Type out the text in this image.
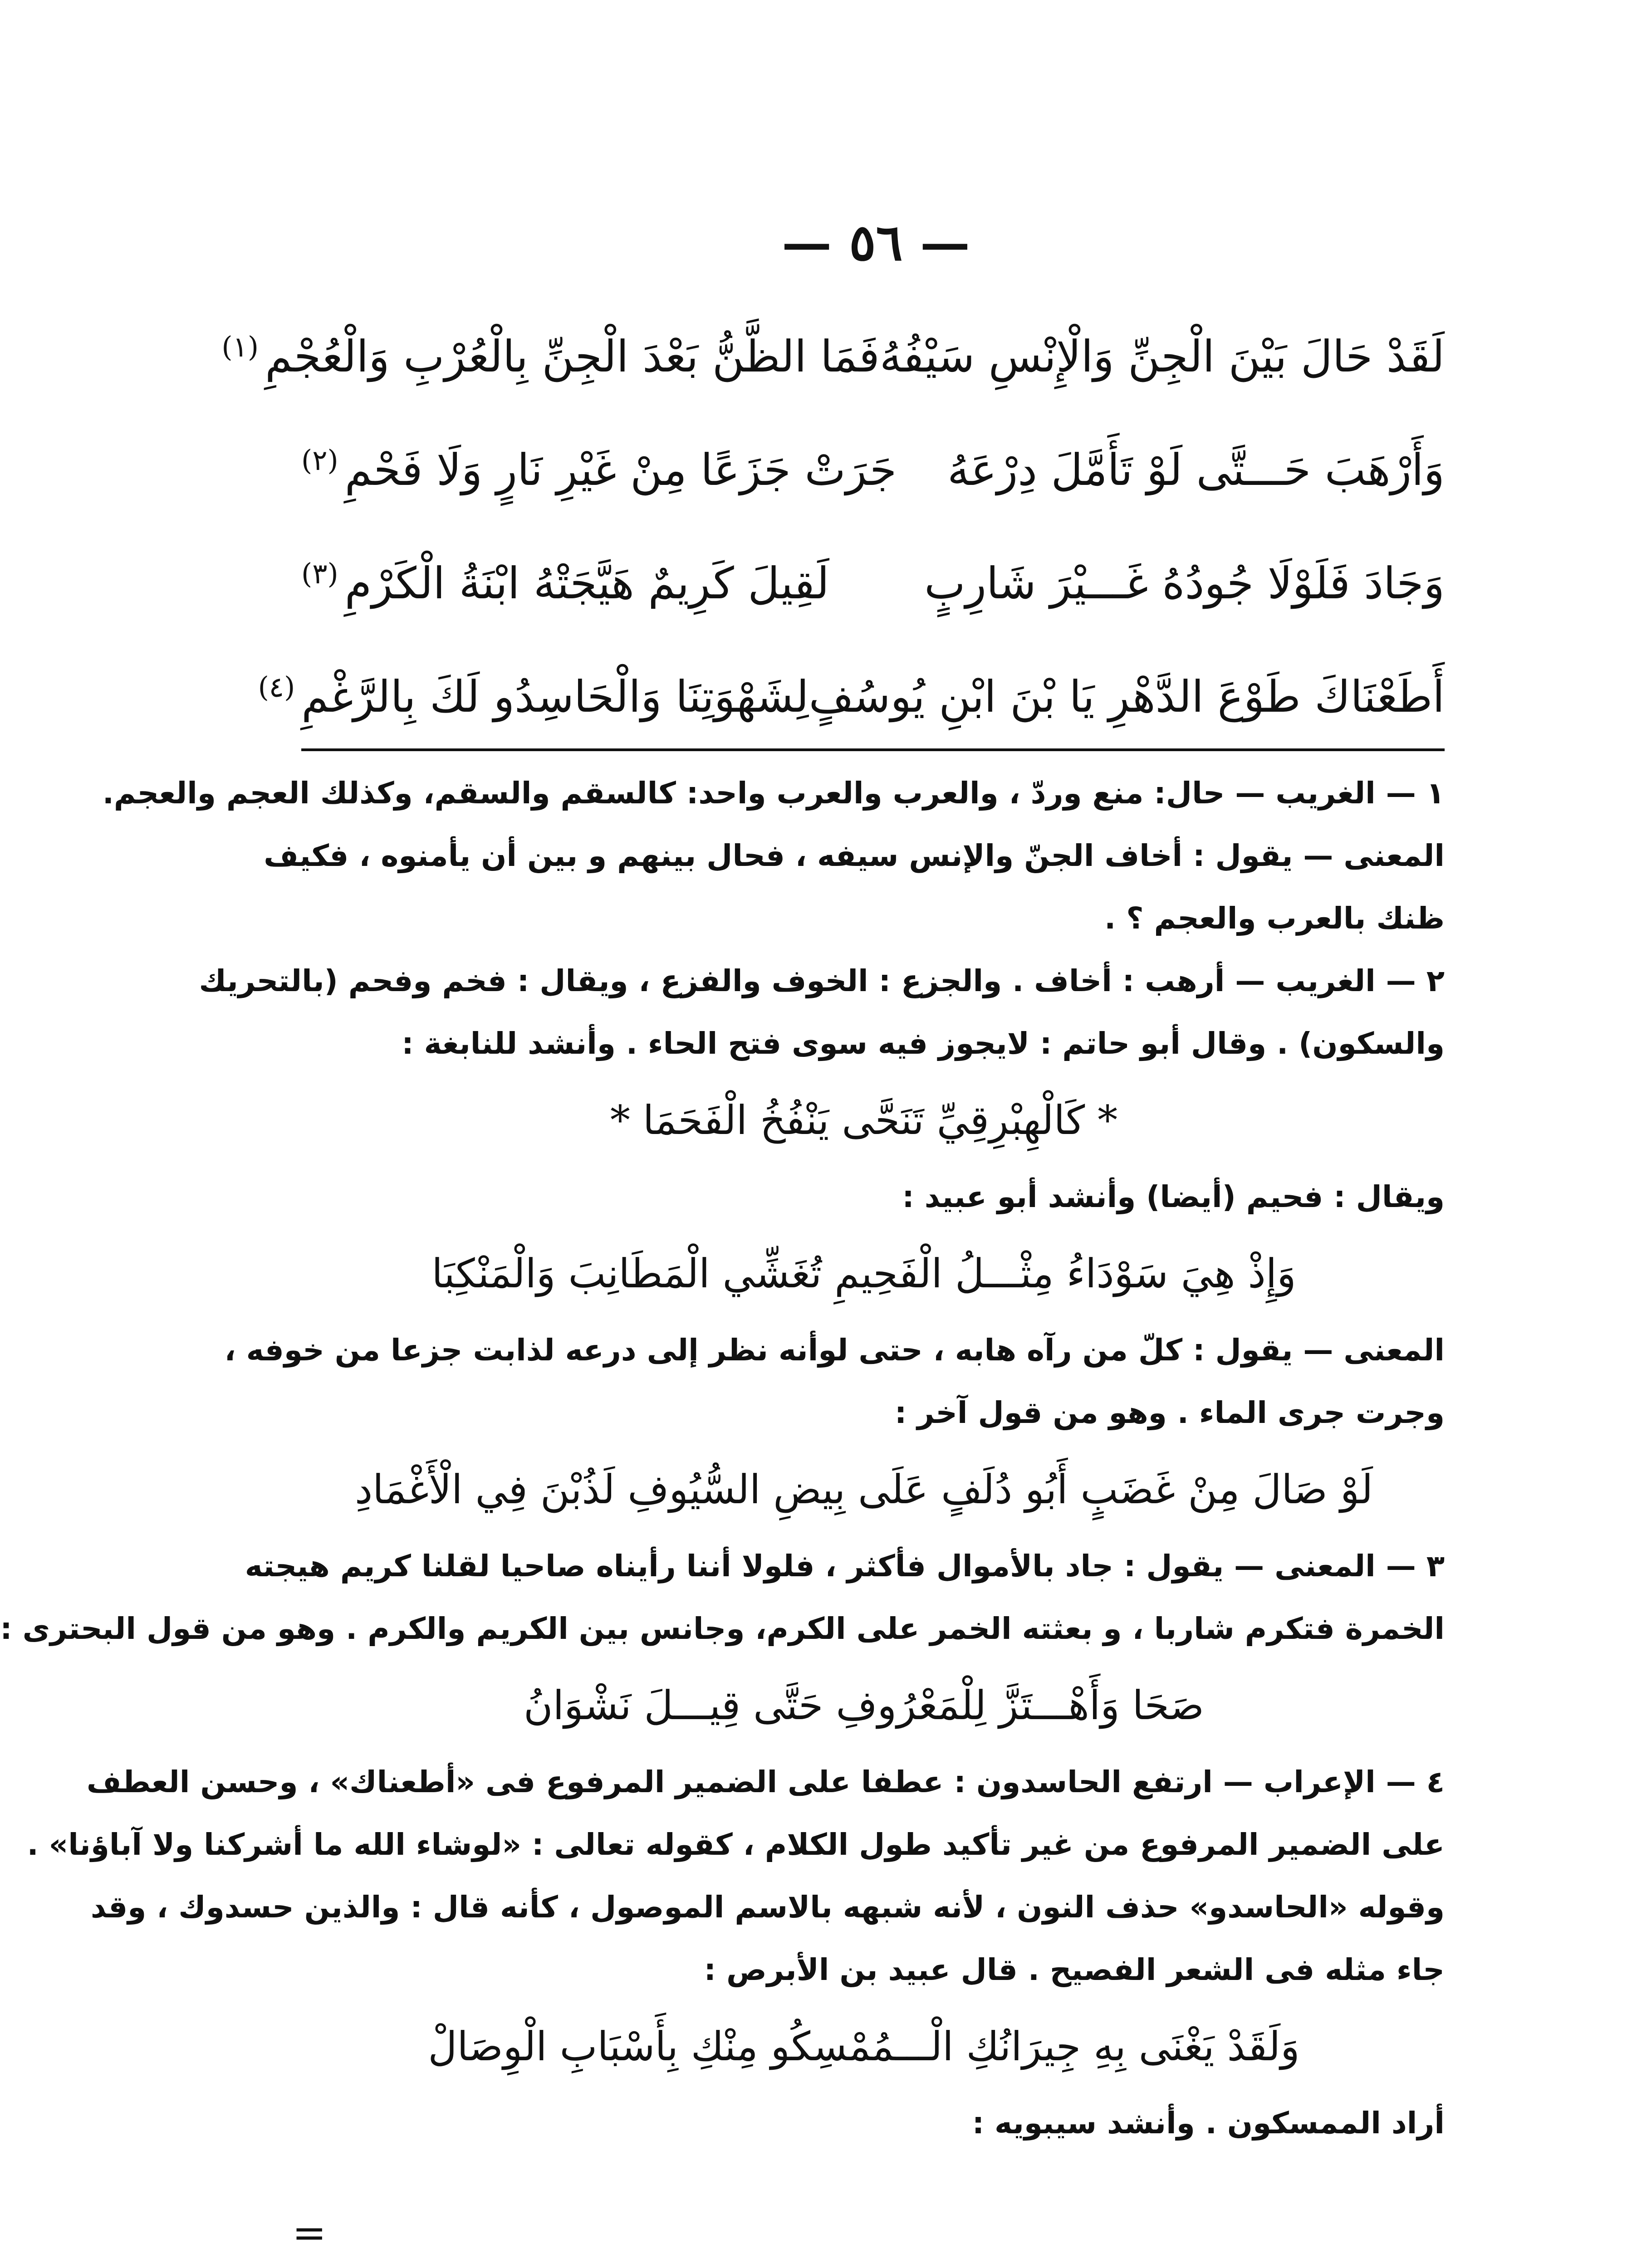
— ٥٦ —
لَقَدْ حَالَ بَيْنَ الْجِنِّ وَالْإِنْسِ سَيْفُهُ
فَمَا الظَّنُّ بَعْدَ الْجِنِّ بِالْعُرْبِ وَالْعُجْمِ$^{(١)}$
وَأَرْهَبَ حَـــتَّى لَوْ تَأَمَّلَ دِرْعَهُ
جَرَتْ جَزَعًا مِنْ غَيْرِ نَارٍ وَلَا فَحْمِ$^{(٢)}$
وَجَادَ فَلَوْلَا جُودُهُ غَـــيْرَ شَارِبٍ
لَقِيلَ كَرِيمٌ هَيَّجَتْهُ ابْنَةُ الْكَرْمِ$^{(٣)}$
أَطَعْنَاكَ طَوْعَ الدَّهْرِ يَا بْنَ ابْنِ يُوسُفٍ
لِشَهْوَتِنَا وَالْحَاسِدُو لَكَ بِالرَّغْمِ$^{(٤)}$
١ — الغريب — حال: منع وردّ ، والعرب والعرب واحد: كالسقم والسقم، وكذلك العجم والعجم.
المعنى — يقول : أخاف الجنّ والإنس سيفه ، فحال بينهم و بين أن يأمنوه ، فكيف
ظنك بالعرب والعجم ؟ .
٢ — الغريب — أرهب : أخاف . والجزع : الخوف والفزع ، ويقال : فخم وفحم (بالتحريك
والسكون) . وقال أبو حاتم : لايجوز فيه سوى فتح الحاء . وأنشد للنابغة :
* كَالْهِبْرِقِيِّ تَنَحَّى يَنْفُخُ الْفَحَمَا *
ويقال : فحيم (أيضا) وأنشد أبو عبيد :
وَإِذْ هِيَ سَوْدَاءُ مِثْـــلُ الْفَحِيمِ تُغَشِّي الْمَطَانِبَ وَالْمَنْكِبَا
المعنى — يقول : كلّ من رآه هابه ، حتى لوأنه نظر إلى درعه لذابت جزعا من خوفه ،
وجرت جرى الماء . وهو من قول آخر :
لَوْ صَالَ مِنْ غَضَبٍ أَبُو دُلَفٍ عَلَى بِيضِ السُّيُوفِ لَذُبْنَ فِي الْأَغْمَادِ
٣ — المعنى — يقول : جاد بالأموال فأكثر ، فلولا أننا رأيناه صاحيا لقلنا كريم هيجته
الخمرة فتكرم شاربا ، و بعثته الخمر على الكرم، وجانس بين الكريم والكرم . وهو من قول البحترى :
صَحَا وَأَهْـــتَزَّ لِلْمَعْرُوفِ حَتَّى قِيـــلَ نَشْوَانُ
٤ — الإعراب — ارتفع الحاسدون : عطفا على الضمير المرفوع فى «أطعناك» ، وحسن العطف
على الضمير المرفوع من غير تأكيد طول الكلام ، كقوله تعالى : «لوشاء الله ما أشركنا ولا آباؤنا» .
وقوله «الحاسدو» حذف النون ، لأنه شبهه بالاسم الموصول ، كأنه قال : والذين حسدوك ، وقد
جاء مثله فى الشعر الفصيح . قال عبيد بن الأبرص :
وَلَقَدْ يَغْنَى بِهِ جِيرَانُكِ الْـــمُمْسِكُو مِنْكِ بِأَسْبَابِ الْوِصَالْ
أراد الممسكون . وأنشد سيبويه :
=
